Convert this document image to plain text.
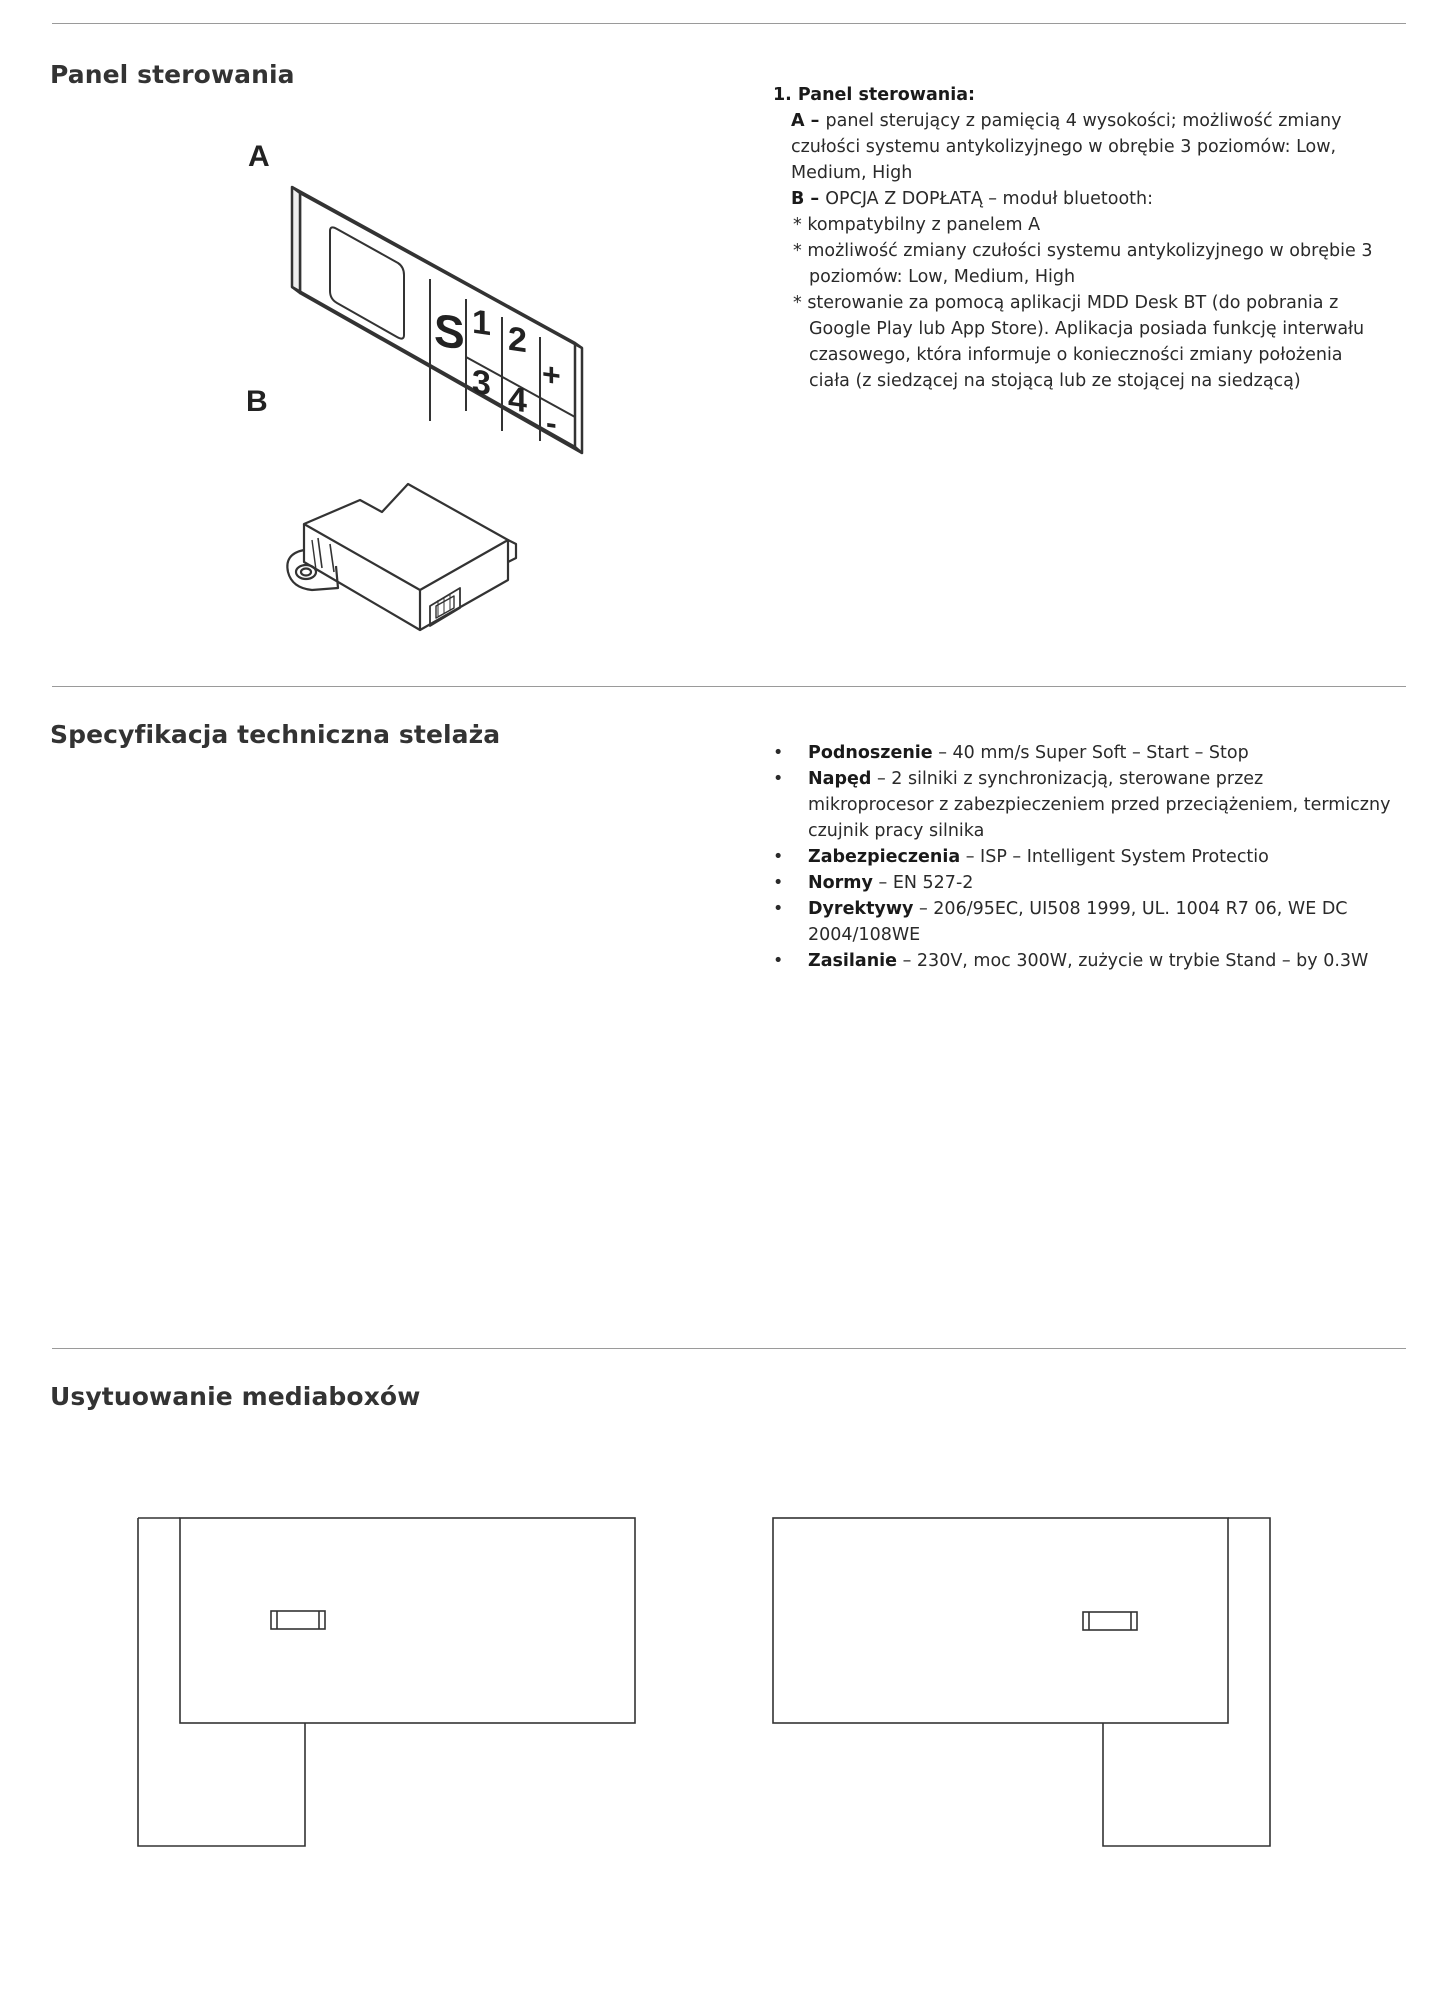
Panel sterowania
A
B
S 1 2
3 4
+
-

1. Panel sterowania:

A – panel sterujący z pamięcią 4 wysokości; możliwość zmiany czułości systemu antykolizyjnego w obrębie 3 poziomów: Low, Medium, High

B – OPCJA Z DOPŁATĄ – moduł bluetooth:

* kompatybilny z panelem A

* możliwość zmiany czułości systemu antykolizyjnego w obrębie 3 poziomów: Low, Medium, High

* sterowanie za pomocą aplikacji MDD Desk BT (do pobrania z Google Play lub App Store). Aplikacja posiada funkcję interwału czasowego, która informuje o konieczności zmiany położenia ciała (z siedzącej na stojącą lub ze stojącej na siedzącą)

Specyfikacja techniczna stelaża
• Podnoszenie – 40 mm/s Super Soft – Start – Stop
• Napęd – 2 silniki z synchronizacją, sterowane przez mikroprocesor z zabezpieczeniem przed przeciążeniem, termiczny czujnik pracy silnika
• Zabezpieczenia – ISP – Intelligent System Protectio
• Normy – EN 527-2
• Dyrektywy – 206/95EC, UI508 1999, UL. 1004 R7 06, WE DC 2004/108WE
• Zasilanie – 230V, moc 300W, zużycie w trybie Stand – by 0.3W
Usytuowanie mediaboxów
